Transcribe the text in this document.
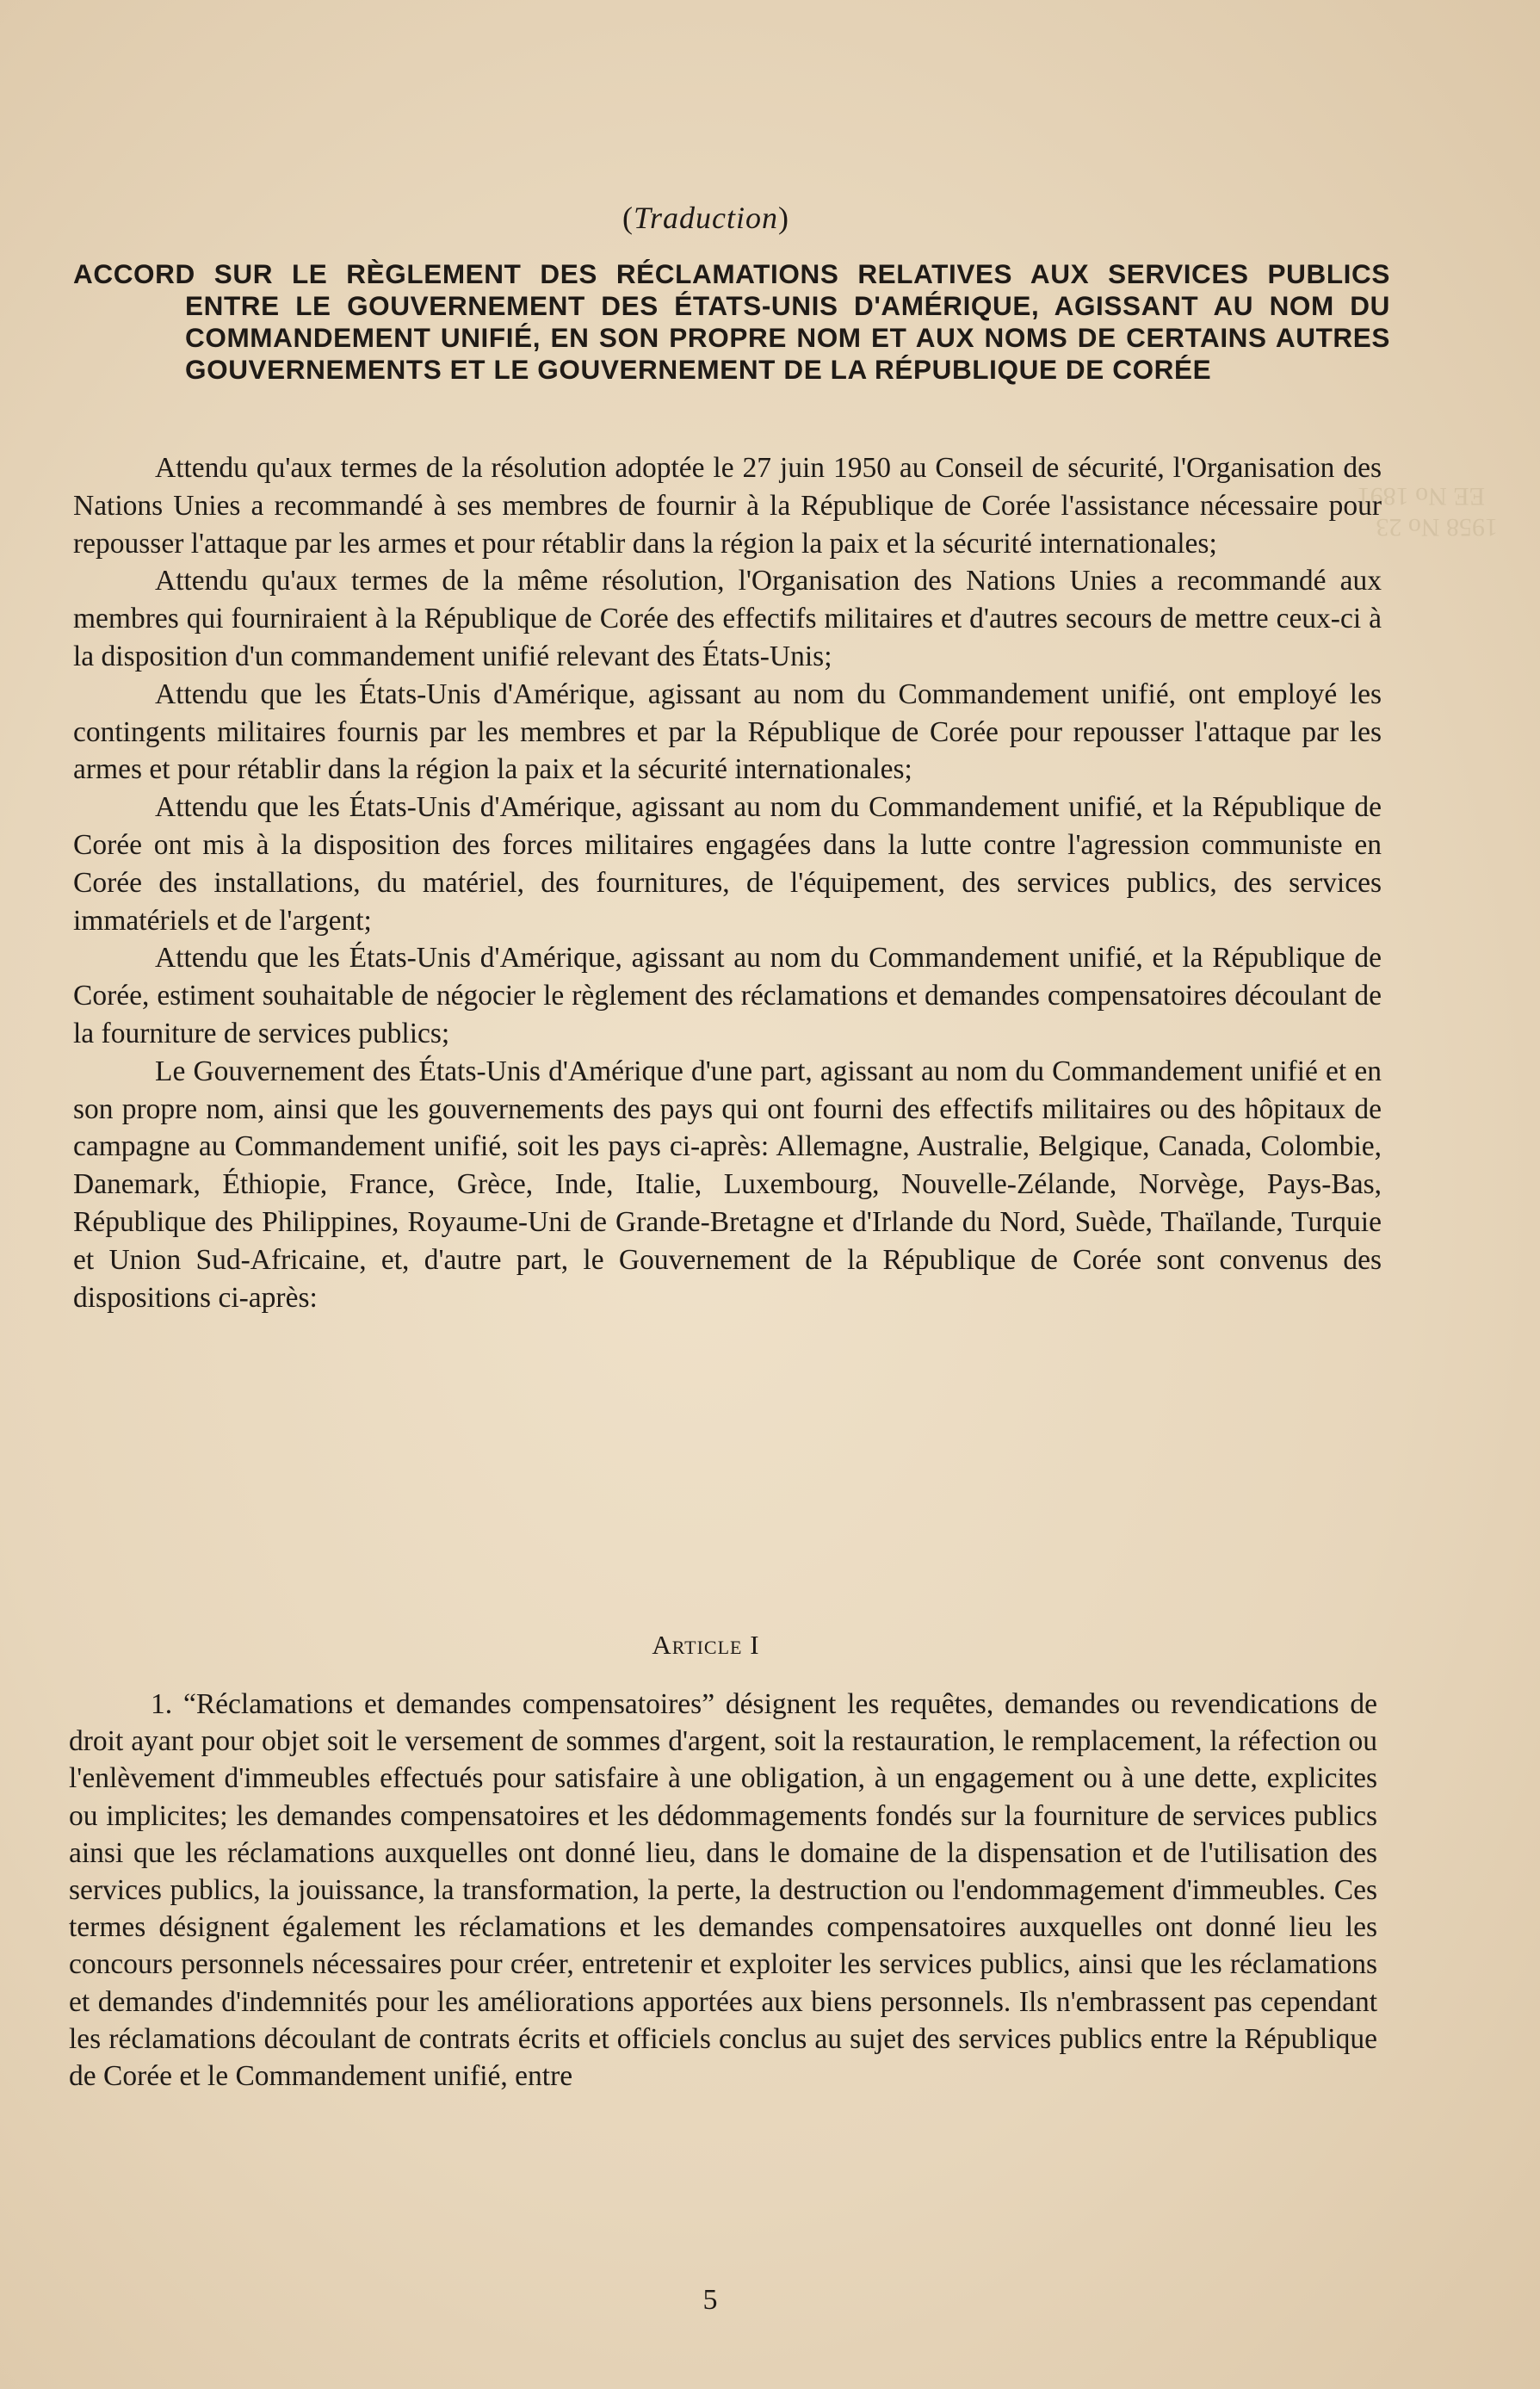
1958 No 23
EE No 1891
(Traduction)
ACCORD SUR LE RÈGLEMENT DES RÉCLAMATIONS RELATIVES AUX SERVICES PUBLICS ENTRE LE GOUVERNEMENT DES ÉTATS-UNIS D'AMÉRIQUE, AGISSANT AU NOM DU COMMANDEMENT UNIFIÉ, EN SON PROPRE NOM ET AUX NOMS DE CERTAINS AUTRES GOUVERNEMENTS ET LE GOUVERNEMENT DE LA RÉPUBLIQUE DE CORÉE

Attendu qu'aux termes de la résolution adoptée le 27 juin 1950 au Conseil de sécurité, l'Organisation des Nations Unies a recommandé à ses membres de fournir à la République de Corée l'assistance nécessaire pour repousser l'attaque par les armes et pour rétablir dans la région la paix et la sécurité internationales;

Attendu qu'aux termes de la même résolution, l'Organisation des Nations Unies a recommandé aux membres qui fourniraient à la République de Corée des effectifs militaires et d'autres secours de mettre ceux-ci à la disposition d'un commandement unifié relevant des États-Unis;

Attendu que les États-Unis d'Amérique, agissant au nom du Commandement unifié, ont employé les contingents militaires fournis par les membres et par la République de Corée pour repousser l'attaque par les armes et pour rétablir dans la région la paix et la sécurité internationales;

Attendu que les États-Unis d'Amérique, agissant au nom du Commandement unifié, et la République de Corée ont mis à la disposition des forces militaires engagées dans la lutte contre l'agression communiste en Corée des installations, du matériel, des fournitures, de l'équipement, des services publics, des services immatériels et de l'argent;

Attendu que les États-Unis d'Amérique, agissant au nom du Commandement unifié, et la République de Corée, estiment souhaitable de négocier le règlement des réclamations et demandes compensatoires découlant de la fourniture de services publics;

Le Gouvernement des États-Unis d'Amérique d'une part, agissant au nom du Commandement unifié et en son propre nom, ainsi que les gouvernements des pays qui ont fourni des effectifs militaires ou des hôpitaux de campagne au Commandement unifié, soit les pays ci-après: Allemagne, Australie, Belgique, Canada, Colombie, Danemark, Éthiopie, France, Grèce, Inde, Italie, Luxembourg, Nouvelle-Zélande, Norvège, Pays-Bas, République des Philippines, Royaume-Uni de Grande-Bretagne et d'Irlande du Nord, Suède, Thaïlande, Turquie et Union Sud-Africaine, et, d'autre part, le Gouvernement de la République de Corée sont convenus des dispositions ci-après:

Article I

1. “Réclamations et demandes compensatoires” désignent les requêtes, demandes ou revendications de droit ayant pour objet soit le versement de sommes d'argent, soit la restauration, le remplacement, la réfection ou l'enlèvement d'immeubles effectués pour satisfaire à une obligation, à un engagement ou à une dette, explicites ou implicites; les demandes compensatoires et les dédommagements fondés sur la fourniture de services publics ainsi que les réclamations auxquelles ont donné lieu, dans le domaine de la dispensation et de l'utilisation des services publics, la jouissance, la transformation, la perte, la destruction ou l'endommagement d'immeubles. Ces termes désignent également les réclamations et les demandes compensatoires auxquelles ont donné lieu les concours personnels nécessaires pour créer, entretenir et exploiter les services publics, ainsi que les réclamations et demandes d'indemnités pour les améliorations apportées aux biens personnels. Ils n'embrassent pas cependant les réclamations découlant de contrats écrits et officiels conclus au sujet des services publics entre la République de Corée et le Commandement unifié, entre

5
